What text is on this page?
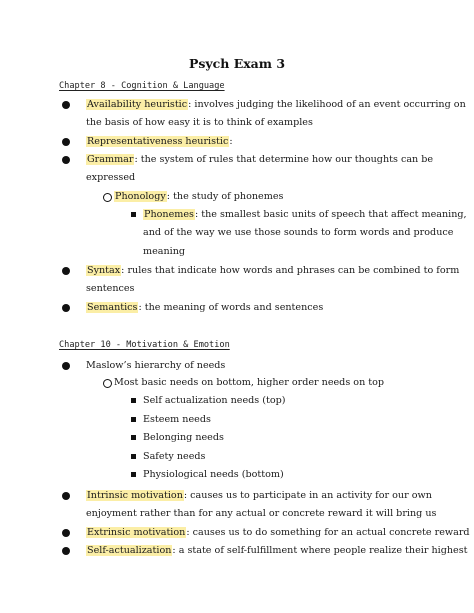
Psych Exam 3
Chapter 8 - Cognition & Language
Availability heuristic: involves judging the likelihood of an event occurring on
the basis of how easy it is to think of examples
Representativeness heuristic:
Grammar: the system of rules that determine how our thoughts can be
expressed
Phonology: the study of phonemes
Phonemes: the smallest basic units of speech that affect meaning,
and of the way we use those sounds to form words and produce
meaning
Syntax: rules that indicate how words and phrases can be combined to form
sentences
Semantics: the meaning of words and sentences
Chapter 10 - Motivation & Emotion
Maslow’s hierarchy of needs
Most basic needs on bottom, higher order needs on top
Self actualization needs (top)
Esteem needs
Belonging needs
Safety needs
Physiological needs (bottom)
Intrinsic motivation: causes us to participate in an activity for our own
enjoyment rather than for any actual or concrete reward it will bring us
Extrinsic motivation: causes us to do something for an actual concrete reward
Self-actualization: a state of self-fulfillment where people realize their highest
